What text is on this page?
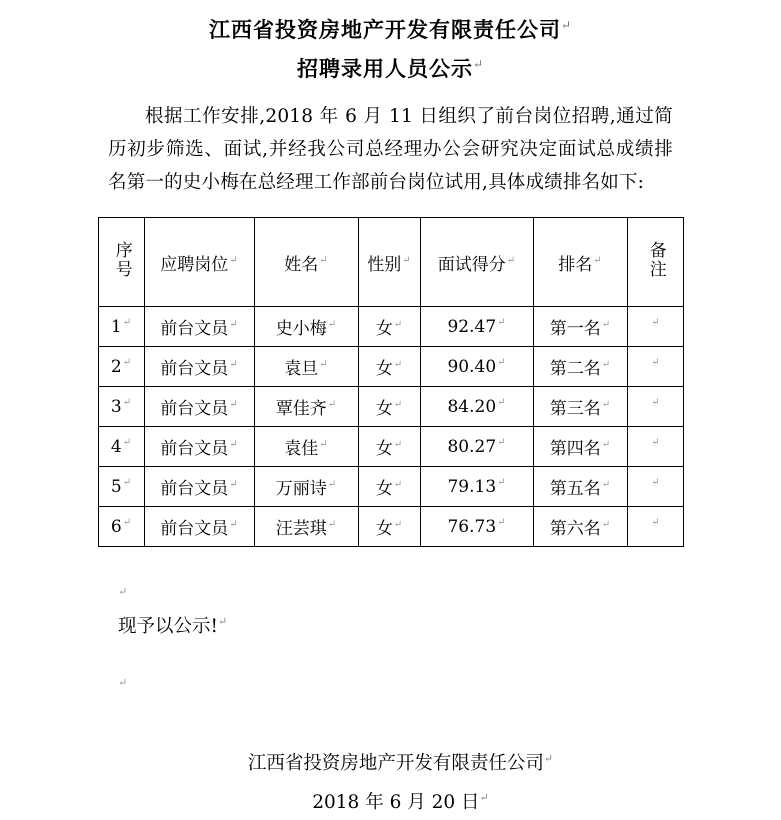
江西省投资房地产开发有限责任公司↵
招聘录用人员公示↵

根据工作安排,2018 年 6 月 11 日组织了前台岗位招聘,通过简历初步筛选、面试,并经我公司总经理办公会研究决定面试总成绩排名第一的史小梅在总经理工作部前台岗位试用,具体成绩排名如下:

序号	应聘岗位↵	姓名↵	性别↵	面试得分↵	排名↵	备注
1↵	前台文员↵	史小梅↵	女↵	92.47↵	第一名↵	↵
2↵	前台文员↵	袁旦↵	女↵	90.40↵	第二名↵	↵
3↵	前台文员↵	覃佳齐↵	女↵	84.20↵	第三名↵	↵
4↵	前台文员↵	袁佳↵	女↵	80.27↵	第四名↵	↵
5↵	前台文员↵	万丽诗↵	女↵	79.13↵	第五名↵	↵
6↵	前台文员↵	汪芸琪↵	女↵	76.73↵	第六名↵	↵
↵
现予以公示!↵
↵
江西省投资房地产开发有限责任公司↵
2018 年 6 月 20 日↵
